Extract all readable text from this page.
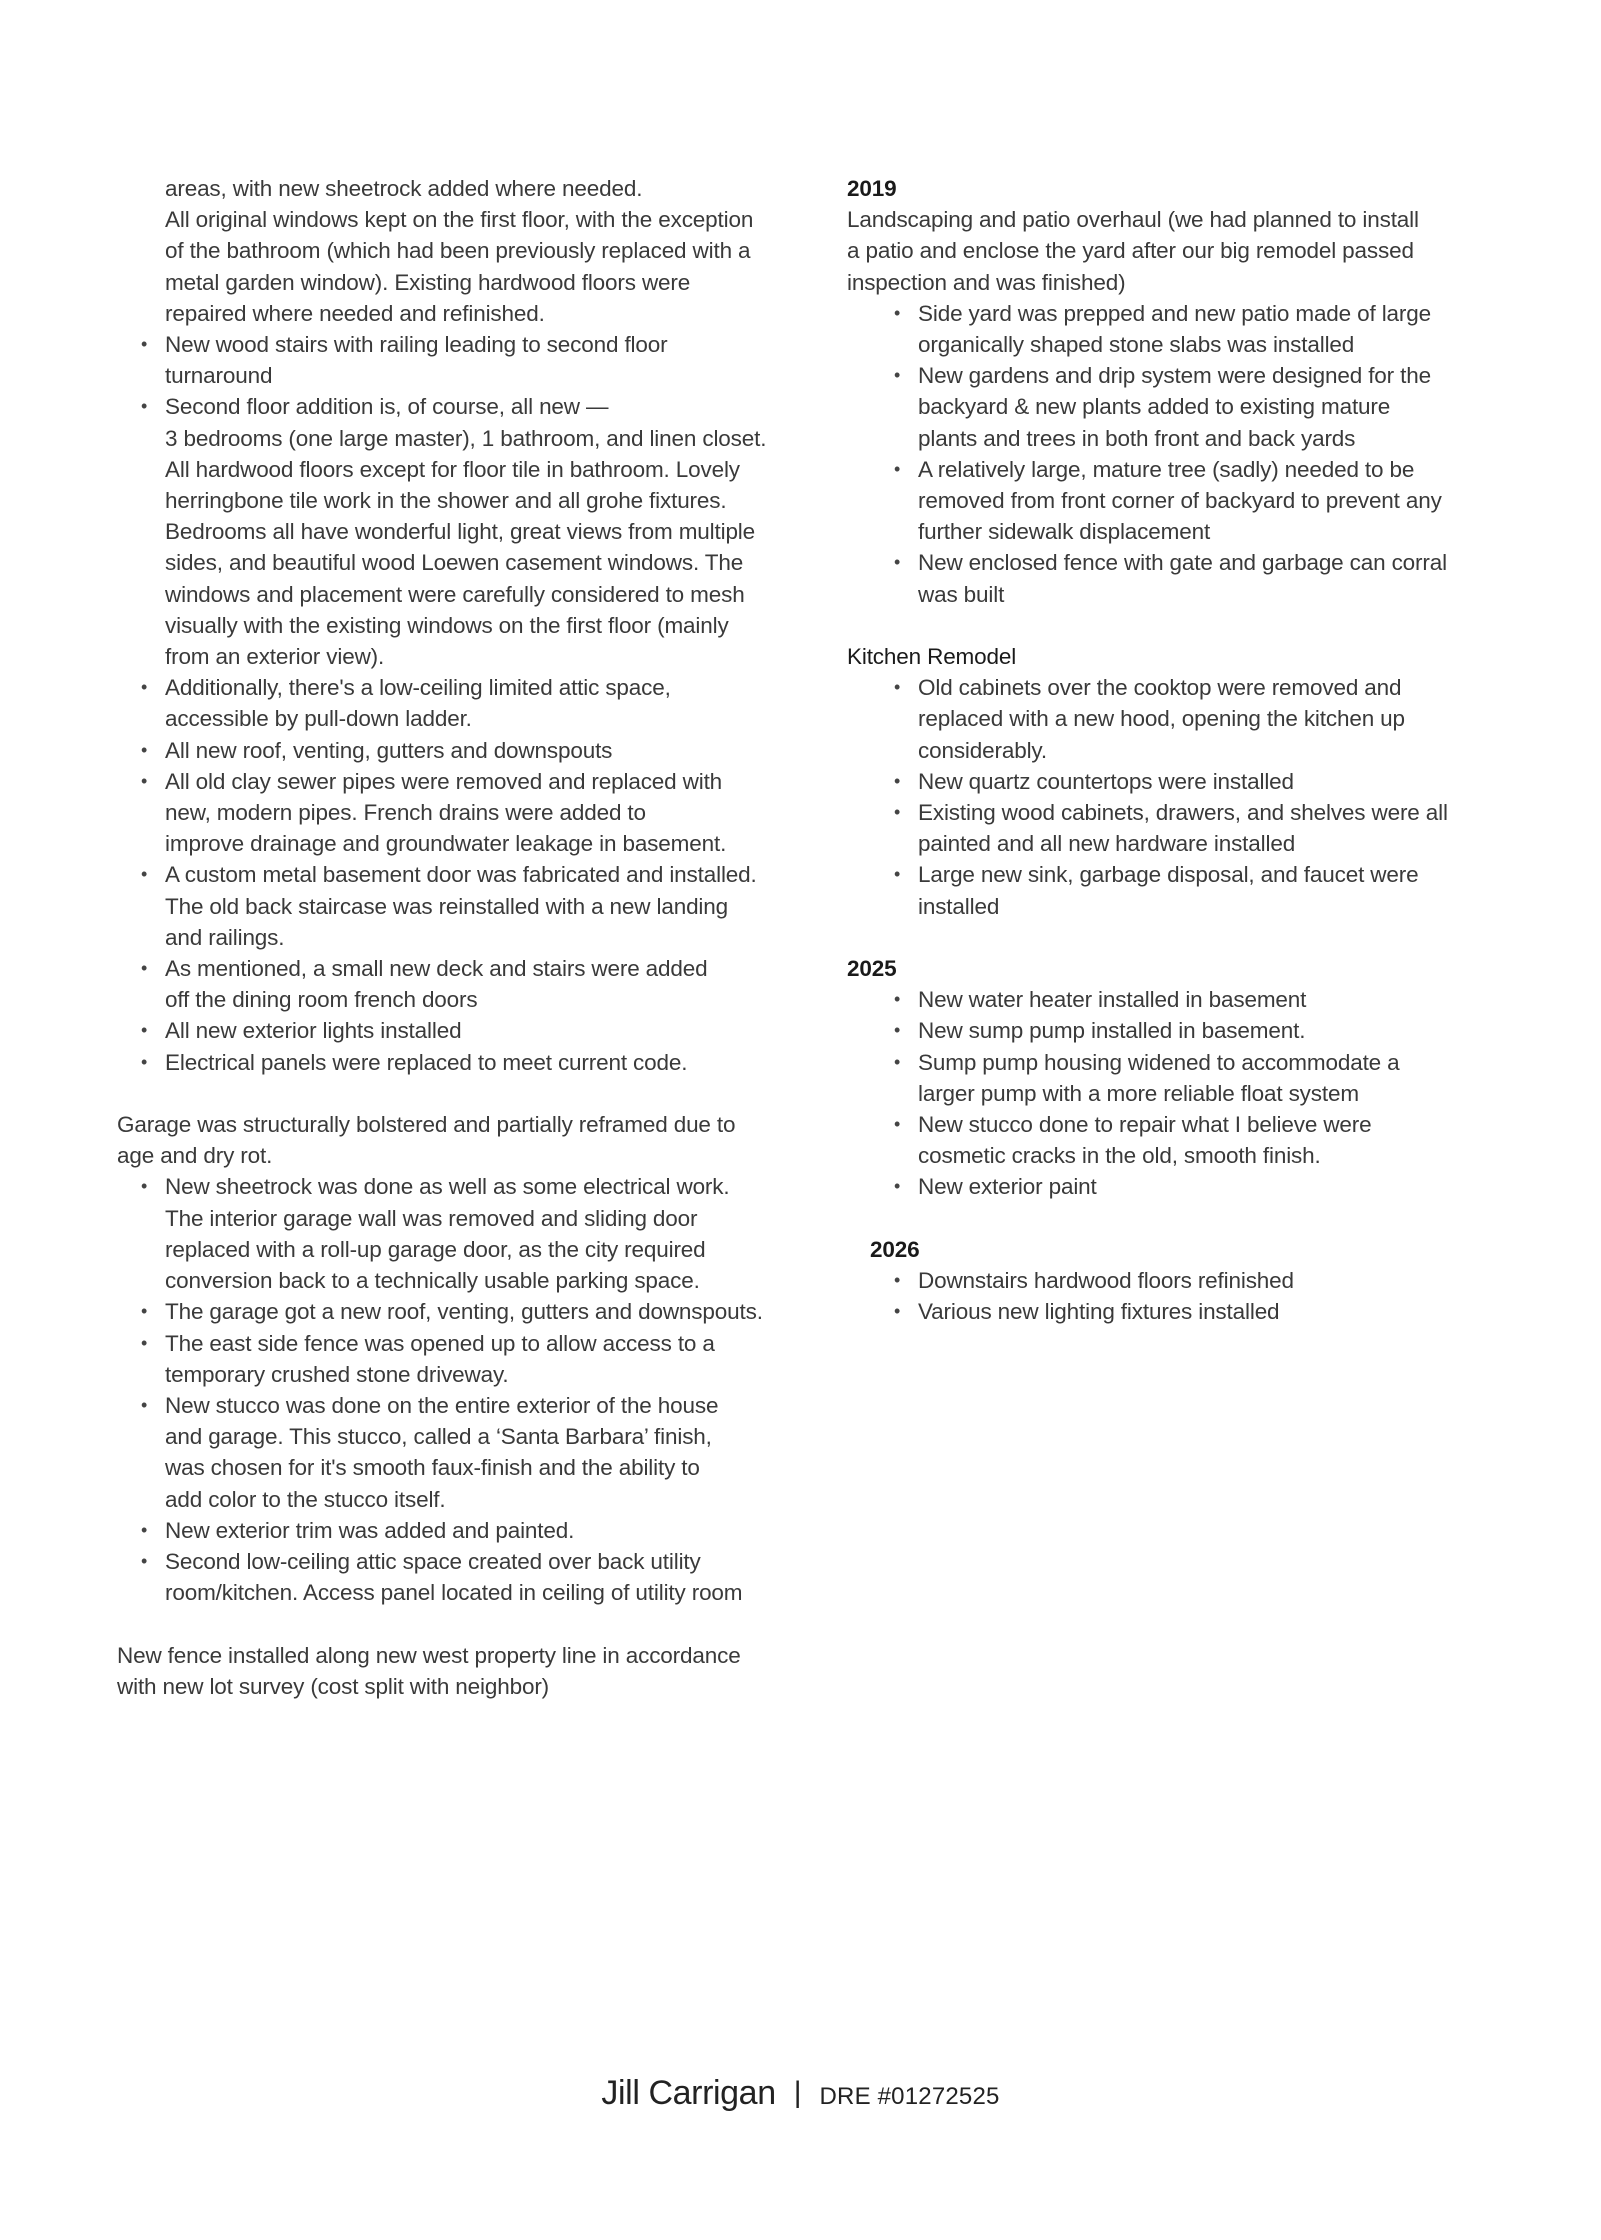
areas, with new sheetrock added where needed.
All original windows kept on the first floor, with the exception
of the bathroom (which had been previously replaced with a
metal garden window). Existing hardwood floors were
repaired where needed and refinished.
• New wood stairs with railing leading to second floor
turnaround
• Second floor addition is, of course, all new —
3 bedrooms (one large master), 1 bathroom, and linen closet.
All hardwood floors except for floor tile in bathroom. Lovely
herringbone tile work in the shower and all grohe fixtures.
Bedrooms all have wonderful light, great views from multiple
sides, and beautiful wood Loewen casement windows. The
windows and placement were carefully considered to mesh
visually with the existing windows on the first floor (mainly
from an exterior view).
• Additionally, there's a low-ceiling limited attic space,
accessible by pull-down ladder.
• All new roof, venting, gutters and downspouts
• All old clay sewer pipes were removed and replaced with
new, modern pipes. French drains were added to
improve drainage and groundwater leakage in basement.
• A custom metal basement door was fabricated and installed.
The old back staircase was reinstalled with a new landing
and railings.
• As mentioned, a small new deck and stairs were added
off the dining room french doors
• All new exterior lights installed
• Electrical panels were replaced to meet current code.
Garage was structurally bolstered and partially reframed due to
age and dry rot.
• New sheetrock was done as well as some electrical work.
The interior garage wall was removed and sliding door
replaced with a roll-up garage door, as the city required
conversion back to a technically usable parking space.
• The garage got a new roof, venting, gutters and downspouts.
• The east side fence was opened up to allow access to a
temporary crushed stone driveway.
• New stucco was done on the entire exterior of the house
and garage. This stucco, called a ‘Santa Barbara’ finish,
was chosen for it's smooth faux-finish and the ability to
add color to the stucco itself.
• New exterior trim was added and painted.
• Second low-ceiling attic space created over back utility
room/kitchen. Access panel located in ceiling of utility room
New fence installed along new west property line in accordance
with new lot survey (cost split with neighbor)
2019
Landscaping and patio overhaul (we had planned to install
a patio and enclose the yard after our big remodel passed
inspection and was finished)
• Side yard was prepped and new patio made of large
organically shaped stone slabs was installed
• New gardens and drip system were designed for the
backyard & new plants added to existing mature
plants and trees in both front and back yards
• A relatively large, mature tree (sadly) needed to be
removed from front corner of backyard to prevent any
further sidewalk displacement
• New enclosed fence with gate and garbage can corral
was built
Kitchen Remodel
• Old cabinets over the cooktop were removed and
replaced with a new hood, opening the kitchen up
considerably.
• New quartz countertops were installed
• Existing wood cabinets, drawers, and shelves were all
painted and all new hardware installed
• Large new sink, garbage disposal, and faucet were
installed
2025
• New water heater installed in basement
• New sump pump installed in basement.
• Sump pump housing widened to accommodate a
larger pump with a more reliable float system
• New stucco done to repair what I believe were
cosmetic cracks in the old, smooth finish.
• New exterior paint
2026
• Downstairs hardwood floors refinished
• Various new lighting fixtures installed
Jill Carrigan | DRE #01272525
